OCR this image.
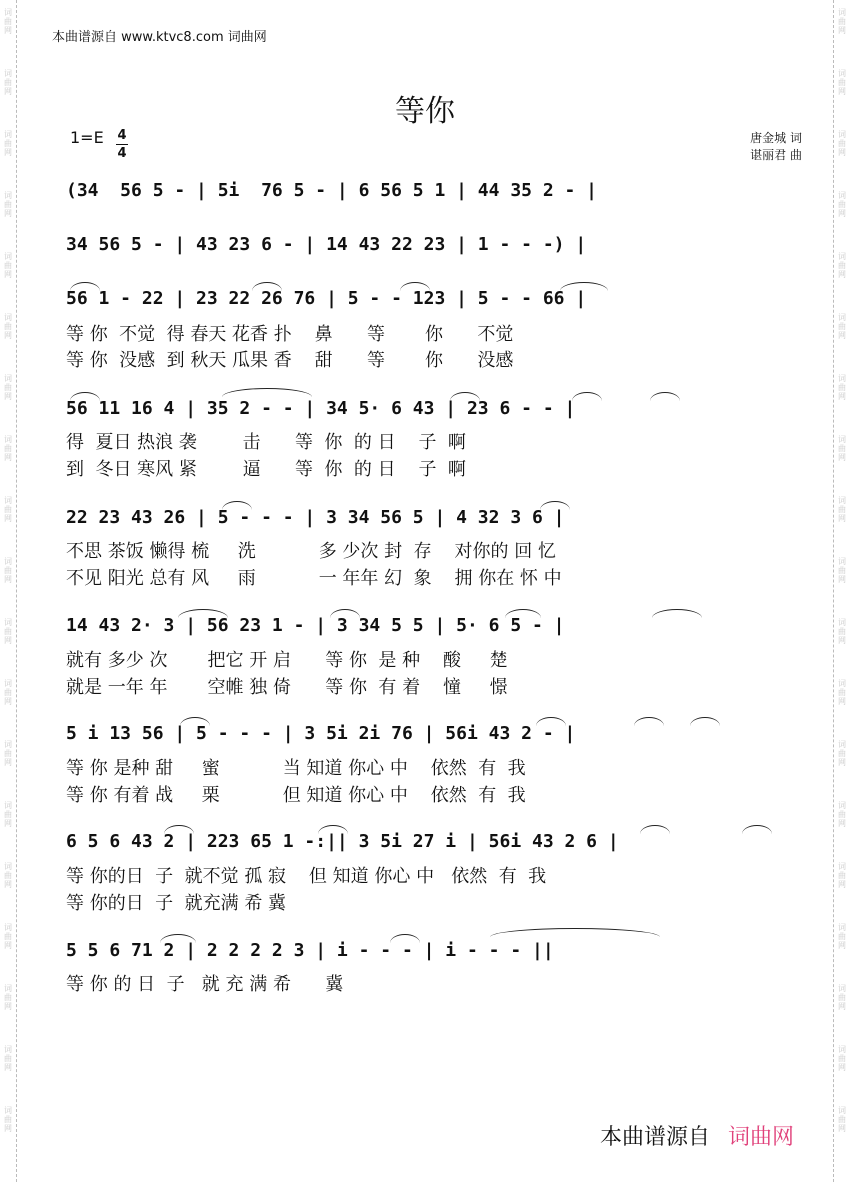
词
曲
网
词
曲
网
词
曲
网
词
曲
网
词
曲
网
词
曲
网
词
曲
网
词
曲
网
词
曲
网
词
曲
网
词
曲
网
词
曲
网
词
曲
网
词
曲
网
词
曲
网
词
曲
网
词
曲
网
词
曲
网
词
曲
网
词
曲
网
词
曲
网
词
曲
网
词
曲
网
词
曲
网
词
曲
网
词
曲
网
词
曲
网
词
曲
网
词
曲
网
词
曲
网
词
曲
网
词
曲
网
词
曲
网
词
曲
网
词
曲
网
词
曲
网
词
曲
网
词
曲
网
本曲谱源自 www.ktvc8.com 词曲网
等你
1=E 4
4
唐金城 词
谌丽君 曲
(34  56 5 - | 5i  76 5 - | 6 56 5 1 | 44 35 2 - |
34 56 5 - | 43 23 6 - | 14 43 22 23 | 1 - - -) |
56 1 - 22 | 23 22 26 76 | 5 - - 123 | 5 - - 66 |
等 你  不觉  得 春天 花香 扑    鼻      等       你      不觉
等 你  没感  到 秋天 瓜果 香    甜      等       你      没感
56 11 16 4 | 35 2 - - | 34 5· 6 43 | 23 6 - - |
得  夏日 热浪 袭        击      等  你  的 日    子  啊
到  冬日 寒风 紧        逼      等  你  的 日    子  啊
22 23 43 26 | 5 - - - | 3 34 56 5 | 4 32 3 6 |
不思 茶饭 懒得 梳     洗           多 少次 封  存    对你的 回 忆
不见 阳光 总有 风     雨           一 年年 幻  象    拥 你在 怀 中
14 43 2· 3 | 56 23 1 - | 3 34 5 5 | 5· 6 5 - |
就有 多少 次       把它 开 启      等 你  是 种    酸     楚
就是 一年 年       空帷 独 倚      等 你  有 着    憧     憬
5 i 13 56 | 5 - - - | 3 5i 2i 76 | 56i 43 2 - |
等 你 是种 甜     蜜           当 知道 你心 中    依然  有  我
等 你 有着 战     栗           但 知道 你心 中    依然  有  我
6 5 6 43 2 | 223 65 1 -:|| 3 5i 27 i | 56i 43 2 6 |
等 你的日  子  就不觉 孤 寂    但 知道 你心 中   依然  有  我
等 你的日  子  就充满 希 冀
5 5 6 71 2 | 2 2 2 2 3 | i - - - | i - - - ||
等 你 的 日  子   就 充 满 希      冀
本曲谱源自 词曲网
